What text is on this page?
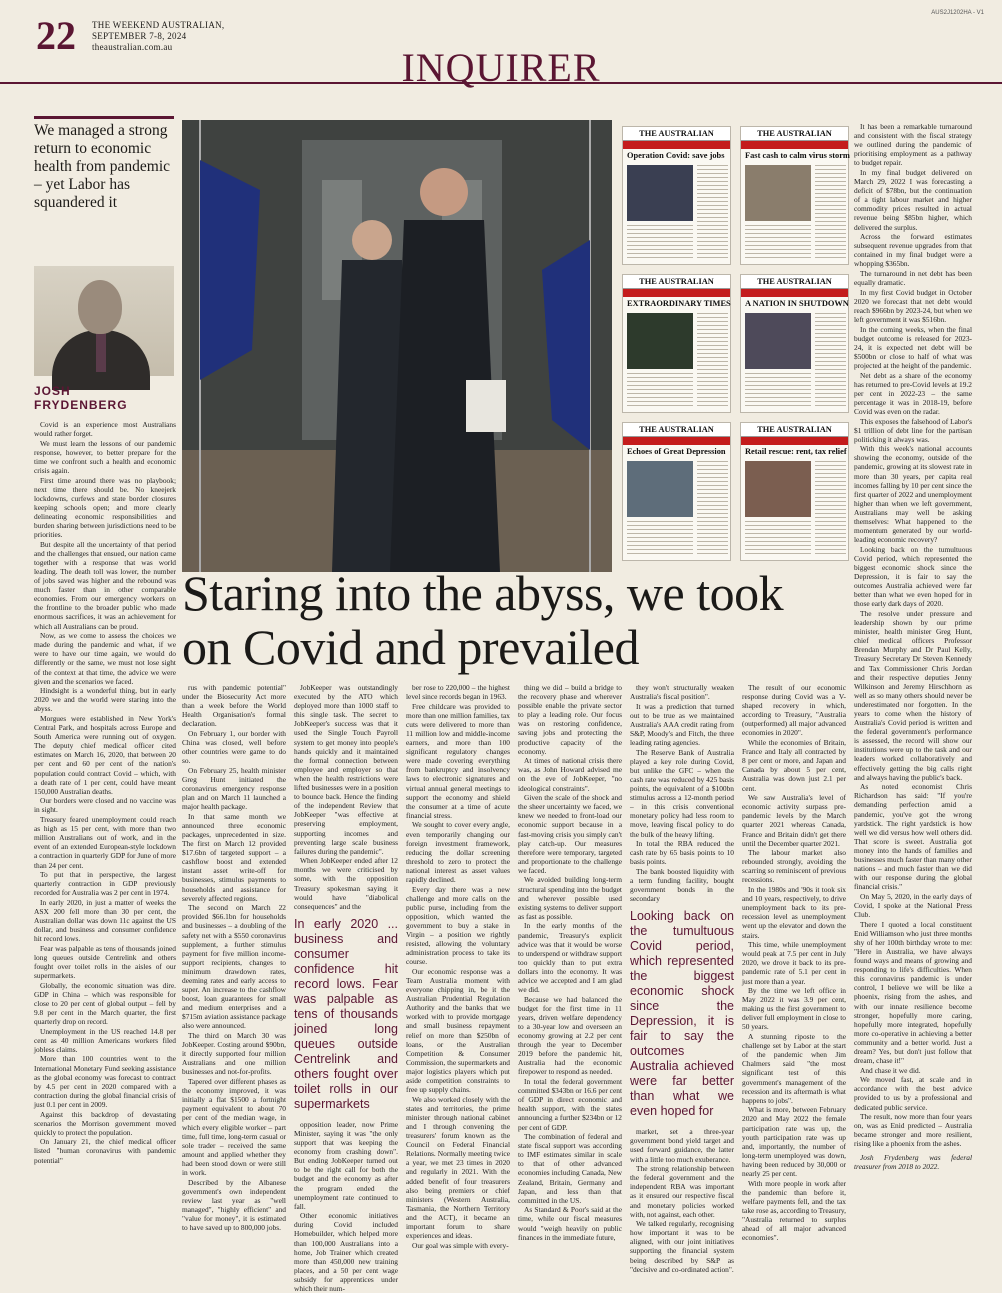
22 THE WEEKEND AUSTRALIAN,
SEPTEMBER 7-8, 2024
theaustralian.com.au	INQUIRER
AUS2J1202HA - V1
We managed a strong return to economic health from pandemic – yet Labor has squandered it
JOSH
FRYDENBERG

Covid is an experience most Australians would rather forget.

We must learn the lessons of our pandemic response, however, to better prepare for the time we confront such a health and economic crisis again.

First time around there was no playbook; next time there should be. No kneejerk lockdowns, curfews and state border closures keeping schools open; and more clearly delineating economic responsibilities and burden sharing between jurisdictions need to be priorities.

But despite all the uncertainty of that period and the challenges that ensued, our nation came together with a response that was world leading. The death toll was lower, the number of jobs saved was higher and the rebound was much faster than in other comparable economies. From our emergency workers on the frontline to the broader public who made enormous sacrifices, it was an achievement for which all Australians can be proud.

Now, as we come to assess the choices we made during the pandemic and what, if we were to have our time again, we would do differently or the same, we must not lose sight of the context at that time, the advice we were given and the scenarios we faced.

Hindsight is a wonderful thing, but in early 2020 we and the world were staring into the abyss.

Morgues were established in New York's Central Park, and hospitals across Europe and South America were running out of oxygen. The deputy chief medical officer cited estimates on March 16, 2020, that between 20 per cent and 60 per cent of the nation's population could contract Covid – which, with a death rate of 1 per cent, could have meant 150,000 Australian deaths.

Our borders were closed and no vaccine was in sight.

Treasury feared unemployment could reach as high as 15 per cent, with more than two million Australians out of work, and in the event of an extended European-style lockdown a contraction in quarterly GDP for June of more than 24 per cent.

To put that in perspective, the largest quarterly contraction in GDP previously recorded for Australia was 2 per cent in 1974.

In early 2020, in just a matter of weeks the ASX 200 fell more than 30 per cent, the Australian dollar was down 11c against the US dollar, and business and consumer confidence hit record lows.

Fear was palpable as tens of thousands joined long queues outside Centrelink and others fought over toilet rolls in the aisles of our supermarkets.

Globally, the economic situation was dire. GDP in China – which was responsible for close to 20 per cent of global output – fell by 9.8 per cent in the March quarter, the first quarterly drop on record.

Unemployment in the US reached 14.8 per cent as 40 million Americans workers filed jobless claims.

More than 100 countries went to the International Monetary Fund seeking assistance as the global economy was forecast to contract by 4.5 per cent in 2020 compared with a contraction during the global financial crisis of just 0.1 per cent in 2009.

Against this backdrop of devastating scenarios the Morrison government moved quickly to protect the population.

On January 21, the chief medical officer listed "human coronavirus with pandemic potential"

Staring into the abyss, we took on Covid and prevailed
THE AUSTRALIAN
Operation Covid: save jobs
THE AUSTRALIAN
Fast cash to calm virus storm
THE AUSTRALIAN
EXTRAORDINARY TIMES
THE AUSTRALIAN
A NATION IN SHUTDOWN
THE AUSTRALIAN
Echoes of Great Depression
THE AUSTRALIAN
Retail rescue: rent, tax relief

It has been a remarkable turnaround and consistent with the fiscal strategy we outlined during the pandemic of prioritising employment as a pathway to budget repair.

In my final budget delivered on March 29, 2022 I was forecasting a deficit of $78bn, but the continuation of a tight labour market and higher commodity prices resulted in actual revenue being $85bn higher, which delivered the surplus.

Across the forward estimates subsequent revenue upgrades from that contained in my final budget were a whopping $365bn.

The turnaround in net debt has been equally dramatic.

In my first Covid budget in October 2020 we forecast that net debt would reach $966bn by 2023-24, but when we left government it was $516bn.

In the coming weeks, when the final budget outcome is released for 2023-24, it is expected net debt will be $500bn or close to half of what was projected at the height of the pandemic.

Net debt as a share of the economy has returned to pre-Covid levels at 19.2 per cent in 2022-23 – the same percentage it was in 2018-19, before Covid was even on the radar.

This exposes the falsehood of Labor's $1 trillion of debt line for the partisan politicking it always was.

With this week's national accounts showing the economy, outside of the pandemic, growing at its slowest rate in more than 30 years, per capita real incomes falling by 10 per cent since the first quarter of 2022 and unemployment higher than when we left government, Australians may well be asking themselves: What happened to the momentum generated by our world-leading economic recovery?

Looking back on the tumultuous Covid period, which represented the biggest economic shock since the Depression, it is fair to say the outcomes Australia achieved were far better than what we even hoped for in those early dark days of 2020.

The resolve under pressure and leadership shown by our prime minister, health minister Greg Hunt, chief medical officers Professor Brendan Murphy and Dr Paul Kelly, Treasury Secretary Dr Steven Kennedy and Tax Commissioner Chris Jordan and their respective deputies Jenny Wilkinson and Jeremy Hirschhorn as well as so many others should never be underestimated nor forgotten. In the years to come when the history of Australia's Covid period is written and the federal government's performance is assessed, the record will show our institutions were up to the task and our leaders worked collaboratively and effectively getting the big calls right and always having the public's back.

As noted economist Chris Richardson has said: "If you're demanding perfection amid a pandemic, you've got the wrong yardstick. The right yardstick is how well we did versus how well others did. That score is sweet. Australia got money into the hands of families and businesses much faster than many other nations – and much faster than we did with our response during the global financial crisis."

On May 5, 2020, in the early days of Covid, I spoke at the National Press Club.

There I quoted a local constituent Enid Williamson who just three months shy of her 100th birthday wrote to me: "Here in Australia, we have always found ways and means of growing and responding to life's difficulties. When this coronavirus pandemic is under control, I believe we will be like a phoenix, rising from the ashes, and with our innate resilience become stronger, hopefully more caring, hopefully more integrated, hopefully more co-operative in achieving a better community and a better world. Just a dream? Yes, but don't just follow that dream, chase it!"

And chase it we did.

We moved fast, at scale and in accordance with the best advice provided to us by a professional and dedicated public service.

The result, now more than four years on, was as Enid predicted – Australia became stronger and more resilient, rising like a phoenix from the ashes.

Josh Frydenberg was federal treasurer from 2018 to 2022.

rus with pandemic potential" under the Biosecurity Act more than a week before the World Health Organisation's formal declaration.

On February 1, our border with China was closed, well before other countries were game to do so.

On February 25, health minister Greg Hunt initiated the coronavirus emergency response plan and on March 11 launched a major health package.

In that same month we announced three economic packages, unprecedented in size. The first on March 12 provided $17.6bn of targeted support – a cashflow boost and extended instant asset write-off for businesses, stimulus payments to households and assistance for severely affected regions.

The second on March 22 provided $66.1bn for households and businesses – a doubling of the safety net with a $550 coronavirus supplement, a further stimulus payment for five million income-support recipients, changes to minimum drawdown rates, deeming rates and early access to super. An increase to the cashflow boost, loan guarantees for small and medium enterprises and a $715m aviation assistance package also were announced.

The third on March 30 was JobKeeper. Costing around $90bn, it directly supported four million Australians and one million businesses and not-for-profits.

Tapered over different phases as the economy improved, it was initially a flat $1500 a fortnight payment equivalent to about 70 per cent of the median wage, in which every eligible worker – part time, full time, long-term casual or sole trader – received the same amount and applied whether they had been stood down or were still in work.

Described by the Albanese government's own independent review last year as "well managed", "highly efficient" and "value for money", it is estimated to have saved up to 800,000 jobs.

JobKeeper was outstandingly executed by the ATO which deployed more than 1000 staff to this single task. The secret to JobKeeper's success was that it used the Single Touch Payroll system to get money into people's hands quickly and it maintained the formal connection between employee and employer so that when the health restrictions were lifted businesses were in a position to bounce back. Hence the finding of the independent Review that JobKeeper "was effective at preserving employment, supporting incomes and preventing large scale business failures during the pandemic".

When JobKeeper ended after 12 months we were criticised by some, with the opposition Treasury spokesman saying it would have "diabolical consequences" and the

In early 2020 ... business and consumer confidence hit record lows. Fear was palpable as tens of thousands joined long queues outside Centrelink and others fought over toilet rolls in our supermarkets

opposition leader, now Prime Minister, saying it was "the only support that was keeping the economy from crashing down". But ending JobKeeper turned out to be the right call for both the budget and the economy as after the program ended the unemployment rate continued to fall.

Other economic initiatives during Covid included Homebuilder, which helped more than 100,000 Australians into a home, Job Trainer which created more than 450,000 new training places, and a 50 per cent wage subsidy for apprentices under which their num-

ber rose to 220,000 – the highest level since records began in 1963.

Free childcare was provided to more than one million families, tax cuts were delivered to more than 11 million low and middle-income earners, and more than 100 significant regulatory changes were made covering everything from bankruptcy and insolvency laws to electronic signatures and virtual annual general meetings to support the economy and shield the consumer at a time of acute financial stress.

We sought to cover every angle, even temporarily changing our foreign investment framework, reducing the dollar screening threshold to zero to protect the national interest as asset values rapidly declined.

Every day there was a new challenge and more calls on the public purse, including from the opposition, which wanted the government to buy a stake in Virgin – a position we rightly resisted, allowing the voluntary administration process to take its course.

Our economic response was a Team Australia moment with everyone chipping in, be it the Australian Prudential Regulation Authority and the banks that we worked with to provide mortgage and small business repayment relief on more than $250bn of loans, or the Australian Competition & Consumer Commission, the supermarkets and major logistics players which put aside competition constraints to free up supply chains.

We also worked closely with the states and territories, the prime minister through national cabinet and I through convening the treasurers' forum known as the Council on Federal Financial Relations. Normally meeting twice a year, we met 23 times in 2020 and regularly in 2021. With the added benefit of four treasurers also being premiers or chief ministers (Western Australia, Tasmania, the Northern Territory and the ACT), it became an important forum to share experiences and ideas.

Our goal was simple with every-

thing we did – build a bridge to the recovery phase and wherever possible enable the private sector to play a leading role. Our focus was on restoring confidence, saving jobs and protecting the productive capacity of the economy.

At times of national crisis there was, as John Howard advised me on the eve of JobKeeper, "no ideological constraints".

Given the scale of the shock and the sheer uncertainty we faced, we knew we needed to front-load our economic support because in a fast-moving crisis you simply can't play catch-up. Our measures therefore were temporary, targeted and proportionate to the challenge we faced.

We avoided building long-term structural spending into the budget and wherever possible used existing systems to deliver support as fast as possible.

In the early months of the pandemic, Treasury's explicit advice was that it would be worse to underspend or withdraw support too quickly than to put extra dollars into the economy. It was advice we accepted and I am glad we did.

Because we had balanced the budget for the first time in 11 years, driven welfare dependency to a 30-year low and overseen an economy growing at 2.2 per cent through the year to December 2019 before the pandemic hit, Australia had the economic firepower to respond as needed.

In total the federal government committed $343bn or 16.6 per cent of GDP in direct economic and health support, with the states announcing a further $234bn or 12 per cent of GDP.

The combination of federal and state fiscal support was according to IMF estimates similar in scale to that of other advanced economies including Canada, New Zealand, Britain, Germany and Japan, and less than that committed in the US.

As Standard & Poor's said at the time, while our fiscal measures would "weigh heavily on public finances in the immediate future,

they won't structurally weaken Australia's fiscal position".

It was a prediction that turned out to be true as we maintained Australia's AAA credit rating from S&P, Moody's and Fitch, the three leading rating agencies.

The Reserve Bank of Australia played a key role during Covid, but unlike the GFC – when the cash rate was reduced by 425 basis points, the equivalent of a $100bn stimulus across a 12-month period – in this crisis conventional monetary policy had less room to move, leaving fiscal policy to do the bulk of the heavy lifting.

In total the RBA reduced the cash rate by 65 basis points to 10 basis points.

The bank boosted liquidity with a term funding facility, bought government bonds in the secondary

Looking back on the tumultuous Covid period, which represented the biggest economic shock since the Depression, it is fair to say the outcomes Australia achieved were far better than what we even hoped for

market, set a three-year government bond yield target and used forward guidance, the latter with a little too much exuberance.

The strong relationship between the federal government and the independent RBA was important as it ensured our respective fiscal and monetary policies worked with, not against, each other.

We talked regularly, recognising how important it was to be aligned, with our joint initiatives supporting the financial system being described by S&P as "decisive and co-ordinated action".

The result of our economic response during Covid was a V-shaped recovery in which, according to Treasury, "Australia (outperformed) all major advanced economies in 2020".

While the economies of Britain, France and Italy all contracted by 8 per cent or more, and Japan and Canada by about 5 per cent, Australia was down just 2.1 per cent.

We saw Australia's level of economic activity surpass pre-pandemic levels by the March quarter 2021 whereas Canada, France and Britain didn't get there until the December quarter 2021.

The labour market also rebounded strongly, avoiding the scarring so reminiscent of previous recessions.

In the 1980s and '90s it took six and 10 years, respectively, to drive unemployment back to its pre-recession level as unemployment went up the elevator and down the stairs.

This time, while unemployment would peak at 7.5 per cent in July 2020, we drove it back to its pre-pandemic rate of 5.1 per cent in just more than a year.

By the time we left office in May 2022 it was 3.9 per cent, making us the first government to deliver full employment in close to 50 years.

A stunning riposte to the challenge set by Labor at the start of the pandemic when Jim Chalmers said "the most significant test of this government's management of the recession and its aftermath is what happens to jobs".

What is more, between February 2020 and May 2022 the female participation rate was up, the youth participation rate was up and, importantly, the number of long-term unemployed was down, having been reduced by 30,000 or nearly 25 per cent.

With more people in work after the pandemic than before it, welfare payments fell, and the tax take rose as, according to Treasury, "Australia returned to surplus ahead of all major advanced economies".
